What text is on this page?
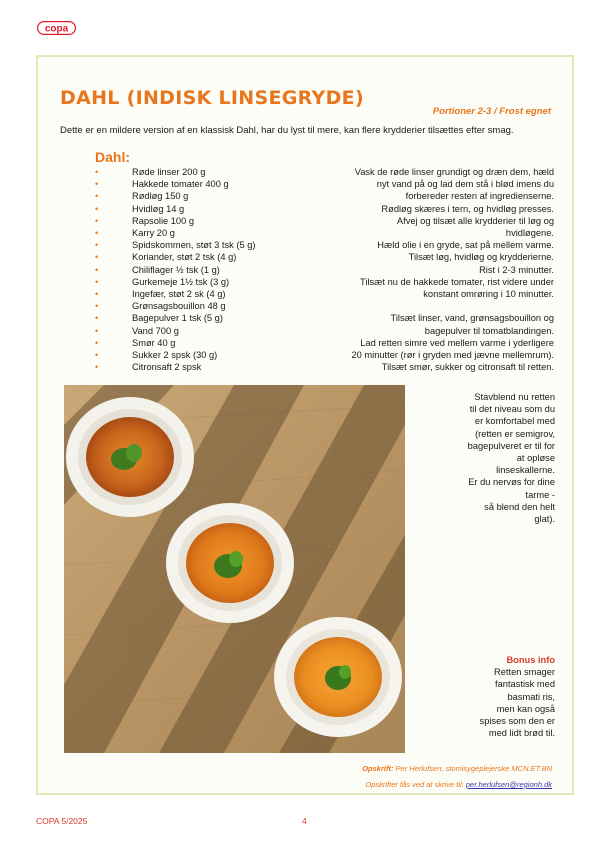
copa
DAHL (INDISK LINSEGRYDE)
Portioner 2-3 / Frost egnet
Dette er en mildere version af en klassisk Dahl, har du lyst til mere, kan flere krydderier tilsættes efter smag.
Dahl:
•	Røde linser 200 g
•	Hakkede tomater 400 g
•	Rødløg 150 g
•	Hvidløg 14 g
•	Rapsolie 100 g
•	Karry 20 g
•	Spidskommen, støt 3 tsk (5 g)
•	Koriander, støt 2 tsk (4 g)
•	Chiliflager ½ tsk (1 g)
•	Gurkemeje 1½ tsk (3 g)
•	Ingefær, støt 2 sk (4 g)
•	Grønsagsbouillon 48 g
•	Bagepulver 1 tsk (5 g)
•	Vand 700 g
•	Smør 40 g
•	Sukker 2 spsk (30 g)
•	Citronsaft 2 spsk

Vask de røde linser grundigt og dræn dem, hæld

nyt vand på og lad dem stå i blød imens du

forbereder resten af ingredienserne.

Rødløg skæres i tern, og hvidløg presses.

Afvej og tilsæt alle krydderier til løg og

hvidløgene.

Hæld olie i en gryde, sat på mellem varme.

Tilsæt løg, hvidløg og krydderierne.

Rist i 2-3 minutter.

Tilsæt nu de hakkede tomater, rist videre under

konstant omrøring i 10 minutter.

Tilsæt linser, vand, grønsagsbouillon og

bagepulver til tomatblandingen.

Lad retten simre ved mellem varme i yderligere

20 minutter (rør i gryden med jævne mellemrum).

Tilsæt smør, sukker og citronsaft til retten.

Stavblend nu retten

til det niveau som du

er komfortabel med

(retten er semigrov,

bagepulveret er til for

at opløse

linseskallerne.

Er du nervøs for dine

tarme -

så blend den helt

glat).

Bonus info

Retten smager

fantastisk med

basmati ris,

men kan også

spises som den er

med lidt brød til.

Opskrift: Per Herlufsen, stomisygeplejerske MCN.ET.BN
Opskrifter fås ved at skrive til: per.herlufsen@regionh.dk
COPA 5/2025	4
